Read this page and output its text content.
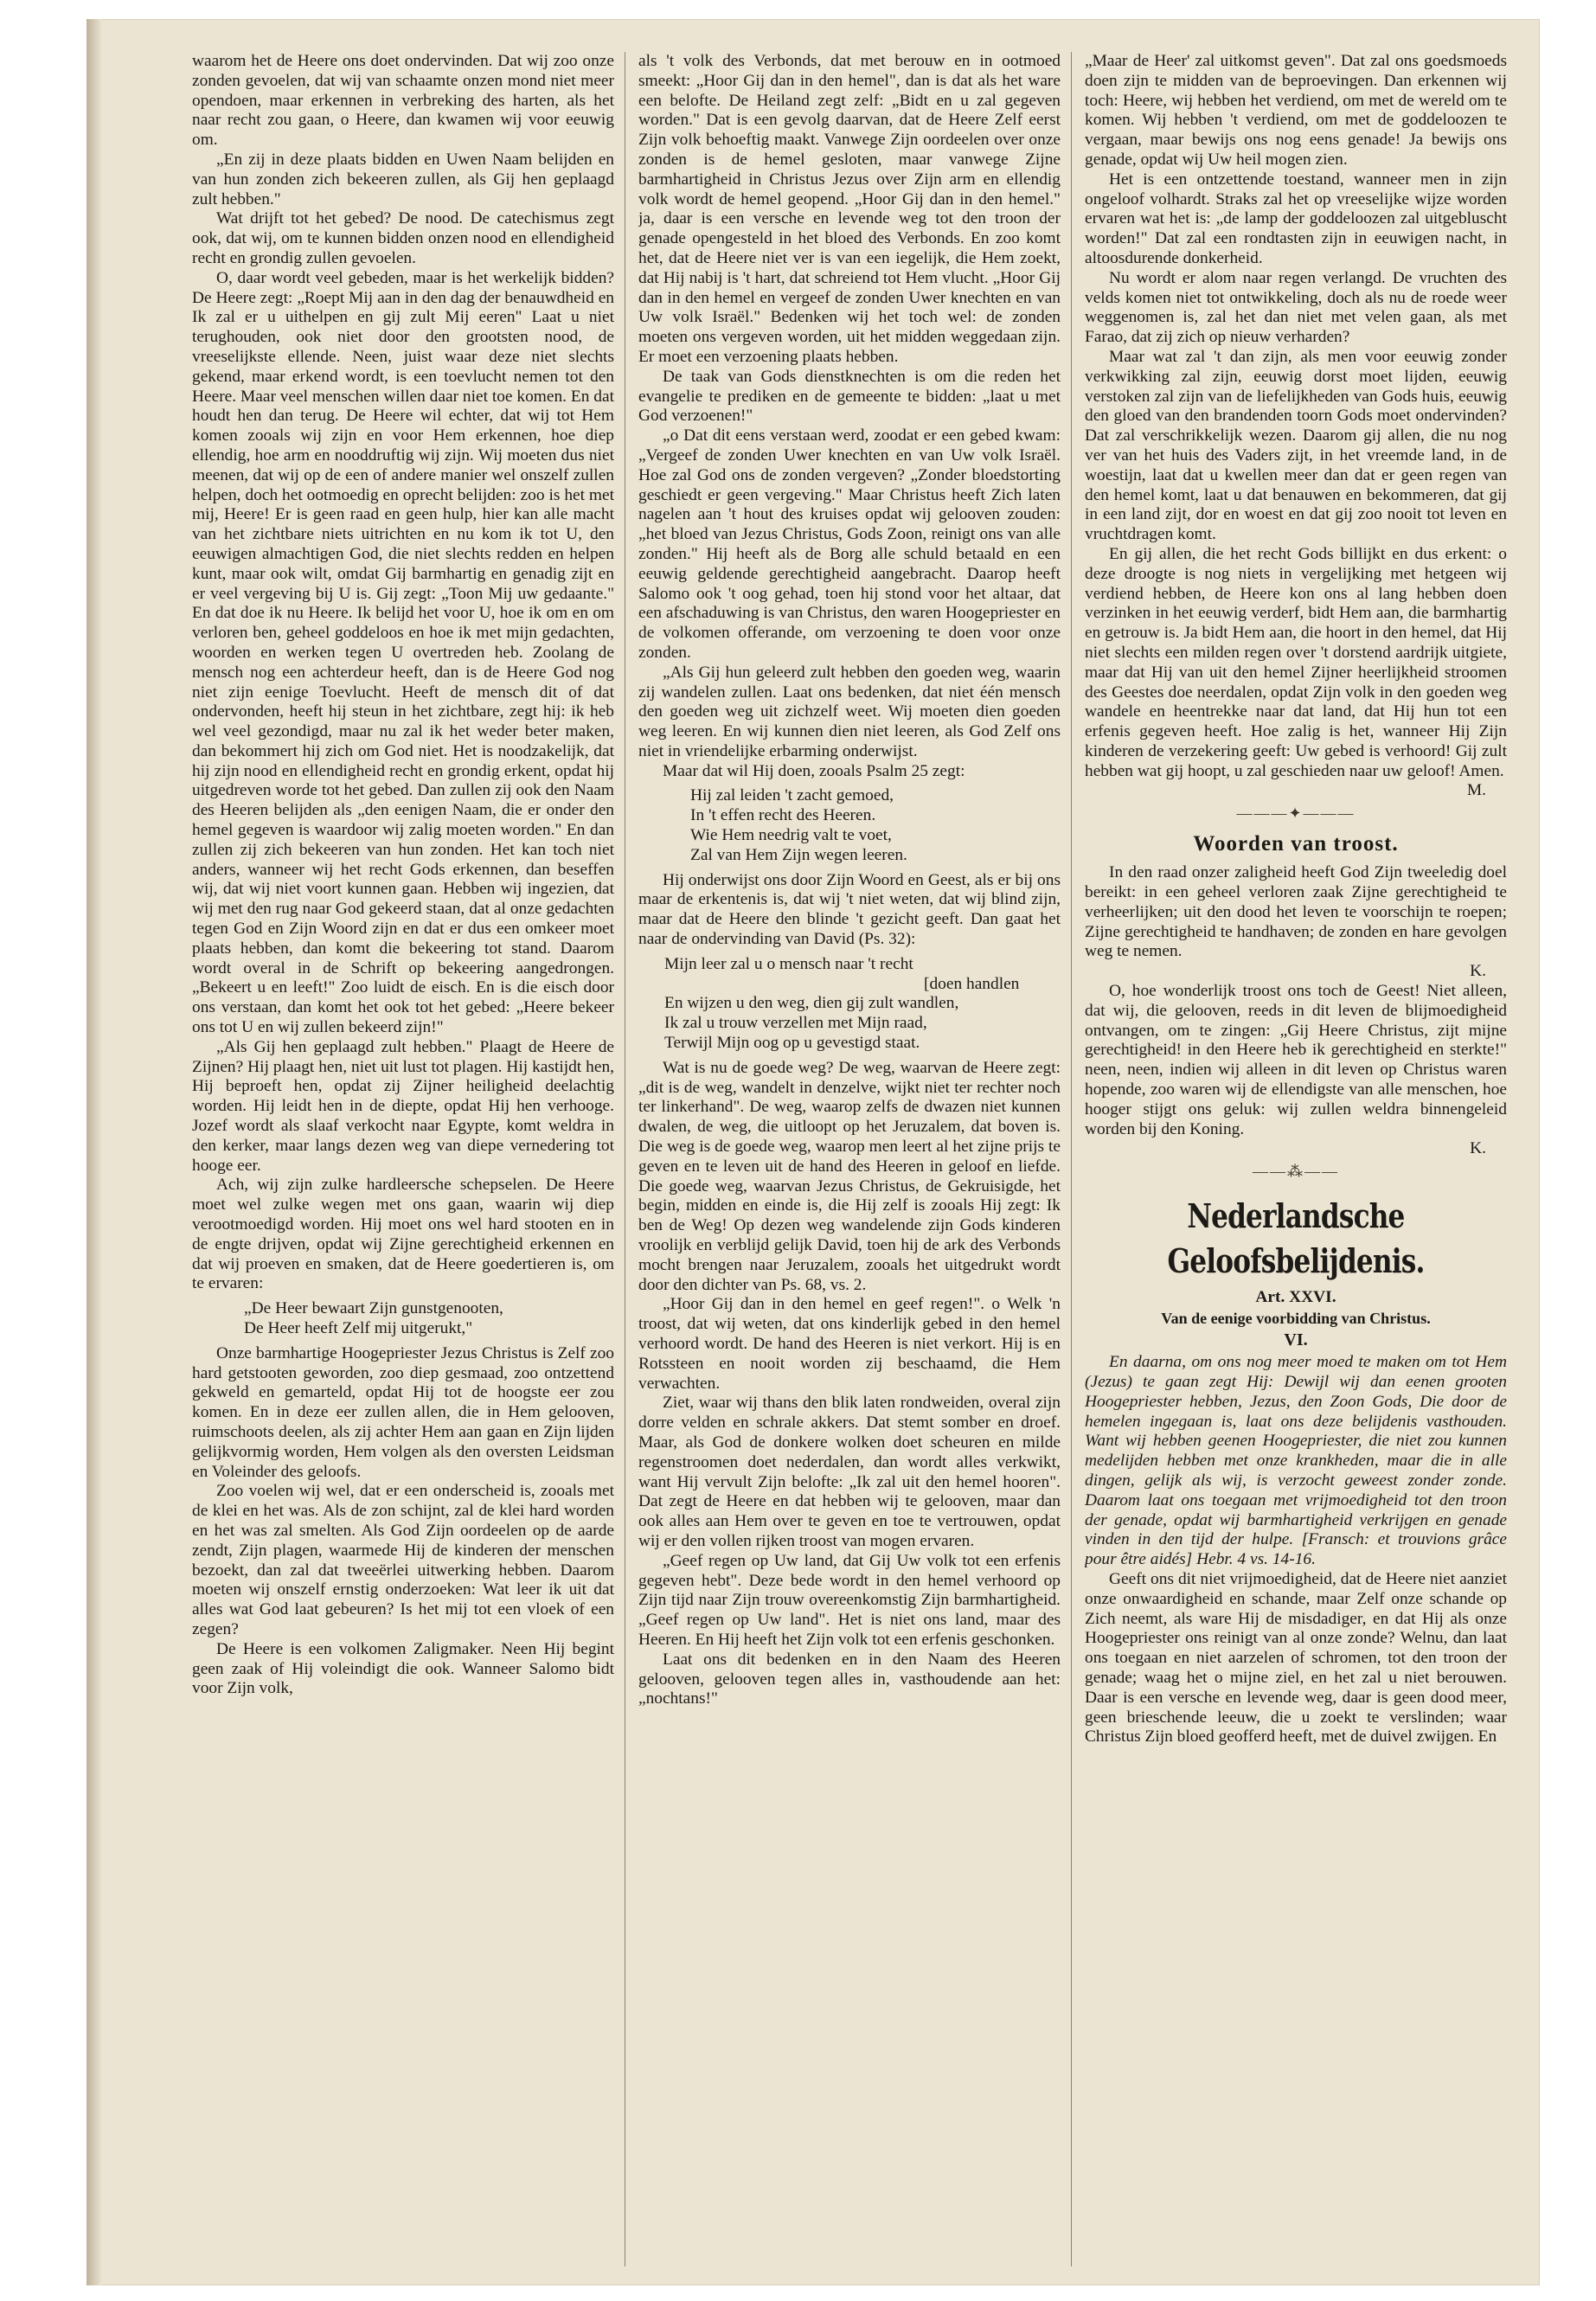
waarom het de Heere ons doet ondervinden. Dat wij zoo onze zonden gevoelen, dat wij van schaamte onzen mond niet meer opendoen, maar erkennen in verbreking des harten, als het naar recht zou gaan, o Heere, dan kwamen wij voor eeuwig om.

„En zij in deze plaats bidden en Uwen Naam belijden en van hun zonden zich bekeeren zullen, als Gij hen geplaagd zult hebben."

Wat drijft tot het gebed? De nood. De catechismus zegt ook, dat wij, om te kunnen bidden onzen nood en ellendigheid recht en grondig zullen gevoelen.

O, daar wordt veel gebeden, maar is het werkelijk bidden? De Heere zegt: „Roept Mij aan in den dag der benauwdheid en Ik zal er u uithelpen en gij zult Mij eeren" Laat u niet terughouden, ook niet door den grootsten nood, de vreeselijkste ellende. Neen, juist waar deze niet slechts gekend, maar erkend wordt, is een toevlucht nemen tot den Heere. Maar veel menschen willen daar niet toe komen. En dat houdt hen dan terug. De Heere wil echter, dat wij tot Hem komen zooals wij zijn en voor Hem erkennen, hoe diep ellendig, hoe arm en nooddruftig wij zijn. Wij moeten dus niet meenen, dat wij op de een of andere manier wel onszelf zullen helpen, doch het ootmoedig en oprecht belijden: zoo is het met mij, Heere! Er is geen raad en geen hulp, hier kan alle macht van het zichtbare niets uitrichten en nu kom ik tot U, den eeuwigen almachtigen God, die niet slechts redden en helpen kunt, maar ook wilt, omdat Gij barmhartig en genadig zijt en er veel vergeving bij U is. Gij zegt: „Toon Mij uw gedaante." En dat doe ik nu Heere. Ik belijd het voor U, hoe ik om en om verloren ben, geheel goddeloos en hoe ik met mijn gedachten, woorden en werken tegen U overtreden heb. Zoolang de mensch nog een achterdeur heeft, dan is de Heere God nog niet zijn eenige Toevlucht. Heeft de mensch dit of dat ondervonden, heeft hij steun in het zichtbare, zegt hij: ik heb wel veel gezondigd, maar nu zal ik het weder beter maken, dan bekommert hij zich om God niet. Het is noodzakelijk, dat hij zijn nood en ellendigheid recht en grondig erkent, opdat hij uitgedreven worde tot het gebed. Dan zullen zij ook den Naam des Heeren belijden als „den eenigen Naam, die er onder den hemel gegeven is waardoor wij zalig moeten worden." En dan zullen zij zich bekeeren van hun zonden. Het kan toch niet anders, wanneer wij het recht Gods erkennen, dan beseffen wij, dat wij niet voort kunnen gaan. Hebben wij ingezien, dat wij met den rug naar God gekeerd staan, dat al onze gedachten tegen God en Zijn Woord zijn en dat er dus een omkeer moet plaats hebben, dan komt die bekeering tot stand. Daarom wordt overal in de Schrift op bekeering aangedrongen. „Bekeert u en leeft!" Zoo luidt de eisch. En is die eisch door ons verstaan, dan komt het ook tot het gebed: „Heere bekeer ons tot U en wij zullen bekeerd zijn!"

„Als Gij hen geplaagd zult hebben." Plaagt de Heere de Zijnen? Hij plaagt hen, niet uit lust tot plagen. Hij kastijdt hen, Hij beproeft hen, opdat zij Zijner heiligheid deelachtig worden. Hij leidt hen in de diepte, opdat Hij hen verhooge. Jozef wordt als slaaf verkocht naar Egypte, komt weldra in den kerker, maar langs dezen weg van diepe vernedering tot hooge eer.

Ach, wij zijn zulke hardleersche schepselen. De Heere moet wel zulke wegen met ons gaan, waarin wij diep verootmoedigd worden. Hij moet ons wel hard stooten en in de engte drijven, opdat wij Zijne gerechtigheid erkennen en dat wij proeven en smaken, dat de Heere goedertieren is, om te ervaren:

„De Heer bewaart Zijn gunstgenooten,
De Heer heeft Zelf mij uitgerukt,"

Onze barmhartige Hoogepriester Jezus Christus is Zelf zoo hard getstooten geworden, zoo diep gesmaad, zoo ontzettend gekweld en gemarteld, opdat Hij tot de hoogste eer zou komen. En in deze eer zullen allen, die in Hem gelooven, ruimschoots deelen, als zij achter Hem aan gaan en Zijn lijden gelijkvormig worden, Hem volgen als den oversten Leidsman en Voleinder des geloofs.

Zoo voelen wij wel, dat er een onderscheid is, zooals met de klei en het was. Als de zon schijnt, zal de klei hard worden en het was zal smelten. Als God Zijn oordeelen op de aarde zendt, Zijn plagen, waarmede Hij de kinderen der menschen bezoekt, dan zal dat tweeërlei uitwerking hebben. Daarom moeten wij onszelf ernstig onderzoeken: Wat leer ik uit dat alles wat God laat gebeuren? Is het mij tot een vloek of een zegen?

De Heere is een volkomen Zaligmaker. Neen Hij begint geen zaak of Hij voleindigt die ook. Wanneer Salomo bidt voor Zijn volk,

als 't volk des Verbonds, dat met berouw en in ootmoed smeekt: „Hoor Gij dan in den hemel", dan is dat als het ware een belofte. De Heiland zegt zelf: „Bidt en u zal gegeven worden." Dat is een gevolg daarvan, dat de Heere Zelf eerst Zijn volk behoeftig maakt. Vanwege Zijn oordeelen over onze zonden is de hemel gesloten, maar vanwege Zijne barmhartigheid in Christus Jezus over Zijn arm en ellendig volk wordt de hemel geopend. „Hoor Gij dan in den hemel." ja, daar is een versche en levende weg tot den troon der genade opengesteld in het bloed des Verbonds. En zoo komt het, dat de Heere niet ver is van een iegelijk, die Hem zoekt, dat Hij nabij is 't hart, dat schreiend tot Hem vlucht. „Hoor Gij dan in den hemel en vergeef de zonden Uwer knechten en van Uw volk Israël." Bedenken wij het toch wel: de zonden moeten ons vergeven worden, uit het midden weggedaan zijn. Er moet een verzoening plaats hebben.

De taak van Gods dienstknechten is om die reden het evangelie te prediken en de gemeente te bidden: „laat u met God verzoenen!"

„o Dat dit eens verstaan werd, zoodat er een gebed kwam: „Vergeef de zonden Uwer knechten en van Uw volk Israël. Hoe zal God ons de zonden vergeven? „Zonder bloedstorting geschiedt er geen vergeving." Maar Christus heeft Zich laten nagelen aan 't hout des kruises opdat wij gelooven zouden: „het bloed van Jezus Christus, Gods Zoon, reinigt ons van alle zonden." Hij heeft als de Borg alle schuld betaald en een eeuwig geldende gerechtigheid aangebracht. Daarop heeft Salomo ook 't oog gehad, toen hij stond voor het altaar, dat een afschaduwing is van Christus, den waren Hoogepriester en de volkomen offerande, om verzoening te doen voor onze zonden.

„Als Gij hun geleerd zult hebben den goeden weg, waarin zij wandelen zullen. Laat ons bedenken, dat niet één mensch den goeden weg uit zichzelf weet. Wij moeten dien goeden weg leeren. En wij kunnen dien niet leeren, als God Zelf ons niet in vriendelijke erbarming onderwijst.

Maar dat wil Hij doen, zooals Psalm 25 zegt:

Hij zal leiden 't zacht gemoed,
In 't effen recht des Heeren.
Wie Hem needrig valt te voet,
Zal van Hem Zijn wegen leeren.

Hij onderwijst ons door Zijn Woord en Geest, als er bij ons maar de erkentenis is, dat wij 't niet weten, dat wij blind zijn, maar dat de Heere den blinde 't gezicht geeft. Dan gaat het naar de ondervinding van David (Ps. 32):

Mijn leer zal u o mensch naar 't recht
[doen handlen
En wijzen u den weg, dien gij zult wandlen,
Ik zal u trouw verzellen met Mijn raad,
Terwijl Mijn oog op u gevestigd staat.

Wat is nu de goede weg? De weg, waarvan de Heere zegt: „dit is de weg, wandelt in denzelve, wijkt niet ter rechter noch ter linkerhand". De weg, waarop zelfs de dwazen niet kunnen dwalen, de weg, die uitloopt op het Jeruzalem, dat boven is. Die weg is de goede weg, waarop men leert al het zijne prijs te geven en te leven uit de hand des Heeren in geloof en liefde. Die goede weg, waarvan Jezus Christus, de Gekruisigde, het begin, midden en einde is, die Hij zelf is zooals Hij zegt: Ik ben de Weg! Op dezen weg wandelende zijn Gods kinderen vroolijk en verblijd gelijk David, toen hij de ark des Verbonds mocht brengen naar Jeruzalem, zooals het uitgedrukt wordt door den dichter van Ps. 68, vs. 2.

„Hoor Gij dan in den hemel en geef regen!". o Welk 'n troost, dat wij weten, dat ons kinderlijk gebed in den hemel verhoord wordt. De hand des Heeren is niet verkort. Hij is en Rotssteen en nooit worden zij beschaamd, die Hem verwachten.

Ziet, waar wij thans den blik laten rondweiden, overal zijn dorre velden en schrale akkers. Dat stemt somber en droef. Maar, als God de donkere wolken doet scheuren en milde regenstroomen doet nederdalen, dan wordt alles verkwikt, want Hij vervult Zijn belofte: „Ik zal uit den hemel hooren". Dat zegt de Heere en dat hebben wij te gelooven, maar dan ook alles aan Hem over te geven en toe te vertrouwen, opdat wij er den vollen rijken troost van mogen ervaren.

„Geef regen op Uw land, dat Gij Uw volk tot een erfenis gegeven hebt". Deze bede wordt in den hemel verhoord op Zijn tijd naar Zijn trouw overeenkomstig Zijn barmhartigheid. „Geef regen op Uw land". Het is niet ons land, maar des Heeren. En Hij heeft het Zijn volk tot een erfenis geschonken.

Laat ons dit bedenken en in den Naam des Heeren gelooven, gelooven tegen alles in, vasthoudende aan het: „nochtans!"

„Maar de Heer' zal uitkomst geven". Dat zal ons goedsmoeds doen zijn te midden van de beproevingen. Dan erkennen wij toch: Heere, wij hebben het verdiend, om met de wereld om te komen. Wij hebben 't verdiend, om met de goddeloozen te vergaan, maar bewijs ons nog eens genade! Ja bewijs ons genade, opdat wij Uw heil mogen zien.

Het is een ontzettende toestand, wanneer men in zijn ongeloof volhardt. Straks zal het op vreeselijke wijze worden ervaren wat het is: „de lamp der goddeloozen zal uitgebluscht worden!" Dat zal een rondtasten zijn in eeuwigen nacht, in altoosdurende donkerheid.

Nu wordt er alom naar regen verlangd. De vruchten des velds komen niet tot ontwikkeling, doch als nu de roede weer weggenomen is, zal het dan niet met velen gaan, als met Farao, dat zij zich op nieuw verharden?

Maar wat zal 't dan zijn, als men voor eeuwig zonder verkwikking zal zijn, eeuwig dorst moet lijden, eeuwig verstoken zal zijn van de liefelijkheden van Gods huis, eeuwig den gloed van den brandenden toorn Gods moet ondervinden? Dat zal verschrikkelijk wezen. Daarom gij allen, die nu nog ver van het huis des Vaders zijt, in het vreemde land, in de woestijn, laat dat u kwellen meer dan dat er geen regen van den hemel komt, laat u dat benauwen en bekommeren, dat gij in een land zijt, dor en woest en dat gij zoo nooit tot leven en vruchtdragen komt.

En gij allen, die het recht Gods billijkt en dus erkent: o deze droogte is nog niets in vergelijking met hetgeen wij verdiend hebben, de Heere kon ons al lang hebben doen verzinken in het eeuwig verderf, bidt Hem aan, die barmhartig en getrouw is. Ja bidt Hem aan, die hoort in den hemel, dat Hij niet slechts een milden regen over 't dorstend aardrijk uitgiete, maar dat Hij van uit den hemel Zijner heerlijkheid stroomen des Geestes doe neerdalen, opdat Zijn volk in den goeden weg wandele en heentrekke naar dat land, dat Hij hun tot een erfenis gegeven heeft. Hoe zalig is het, wanneer Hij Zijn kinderen de verzekering geeft: Uw gebed is verhoord! Gij zult hebben wat gij hoopt, u zal geschieden naar uw geloof! Amen.

M.
———✦———
Woorden van troost.

In den raad onzer zaligheid heeft God Zijn tweeledig doel bereikt: in een geheel verloren zaak Zijne gerechtigheid te verheerlijken; uit den dood het leven te voorschijn te roepen; Zijne gerechtigheid te handhaven; de zonden en hare gevolgen weg te nemen.

K.

O, hoe wonderlijk troost ons toch de Geest! Niet alleen, dat wij, die gelooven, reeds in dit leven de blijmoedigheid ontvangen, om te zingen: „Gij Heere Christus, zijt mijne gerechtigheid! in den Heere heb ik gerechtigheid en sterkte!" neen, neen, indien wij alleen in dit leven op Christus waren hopende, zoo waren wij de ellendigste van alle menschen, hoe hooger stijgt ons geluk: wij zullen weldra binnengeleid worden bij den Koning.

K.
——⁂——
Nederlandsche Geloofsbelijdenis.
Art. XXVI.
Van de eenige voorbidding van Christus.
VI.

En daarna, om ons nog meer moed te maken om tot Hem (Jezus) te gaan zegt Hij: Dewijl wij dan eenen grooten Hoogepriester hebben, Jezus, den Zoon Gods, Die door de hemelen ingegaan is, laat ons deze belijdenis vasthouden. Want wij hebben geenen Hoogepriester, die niet zou kunnen medelijden hebben met onze krankheden, maar die in alle dingen, gelijk als wij, is verzocht geweest zonder zonde. Daarom laat ons toegaan met vrijmoedigheid tot den troon der genade, opdat wij barmhartigheid verkrijgen en genade vinden in den tijd der hulpe. [Fransch: et trouvions grâce pour être aidés] Hebr. 4 vs. 14-16.

Geeft ons dit niet vrijmoedigheid, dat de Heere niet aanziet onze onwaardigheid en schande, maar Zelf onze schande op Zich neemt, als ware Hij de misdadiger, en dat Hij als onze Hoogepriester ons reinigt van al onze zonde? Welnu, dan laat ons toegaan en niet aarzelen of schromen, tot den troon der genade; waag het o mijne ziel, en het zal u niet berouwen. Daar is een versche en levende weg, daar is geen dood meer, geen brieschende leeuw, die u zoekt te verslinden; waar Christus Zijn bloed geofferd heeft, met de duivel zwijgen. En
